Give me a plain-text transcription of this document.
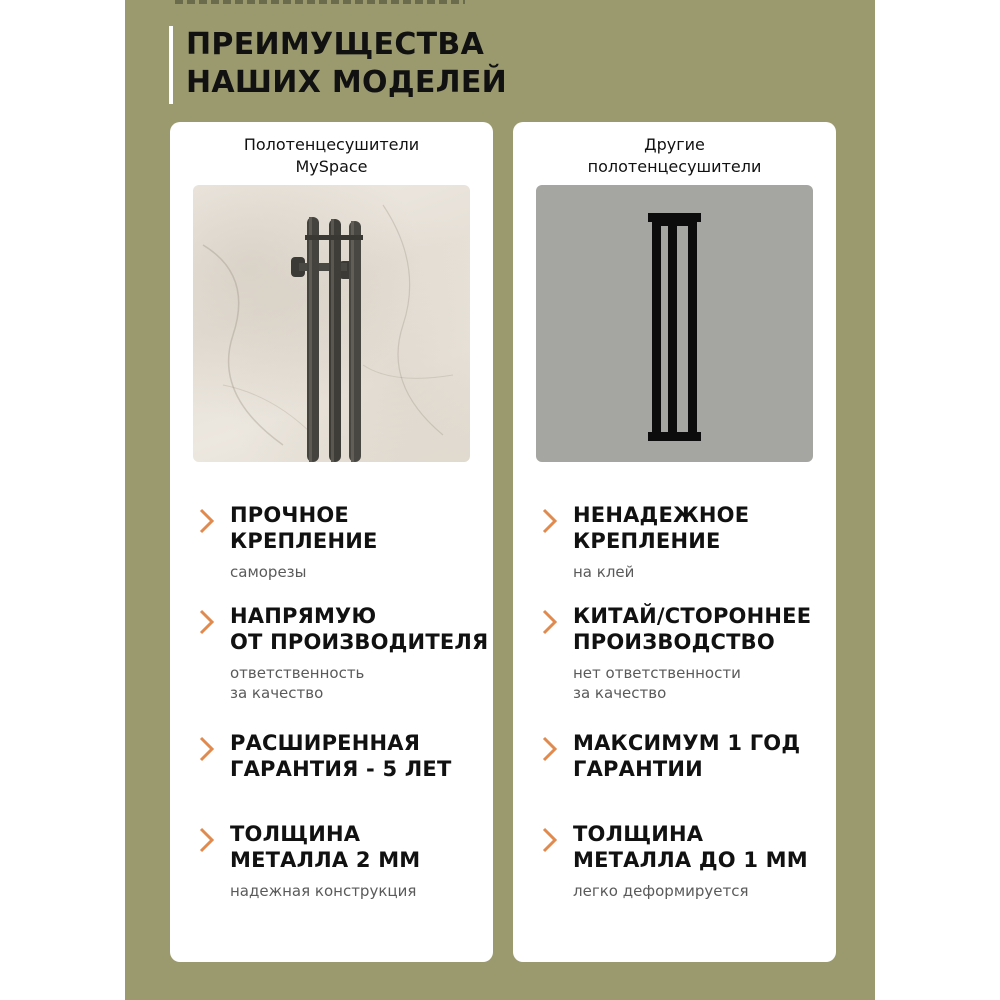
ПРЕИМУЩЕСТВА
НАШИХ МОДЕЛЕЙ
Полотенцесушители
MySpace
ПРОЧНОЕ
КРЕПЛЕНИЕ
саморезы
НАПРЯМУЮ
ОТ ПРОИЗВОДИТЕЛЯ
ответственность
за качество
РАСШИРЕННАЯ
ГАРАНТИЯ - 5 ЛЕТ
ТОЛЩИНА
МЕТАЛЛА 2 ММ
надежная конструкция
Другие
полотенцесушители
НЕНАДЕЖНОЕ
КРЕПЛЕНИЕ
на клей
КИТАЙ/СТОРОННЕЕ
ПРОИЗВОДСТВО
нет ответственности
за качество
МАКСИМУМ 1 ГОД
ГАРАНТИИ
ТОЛЩИНА
МЕТАЛЛА ДО 1 ММ
легко деформируется
